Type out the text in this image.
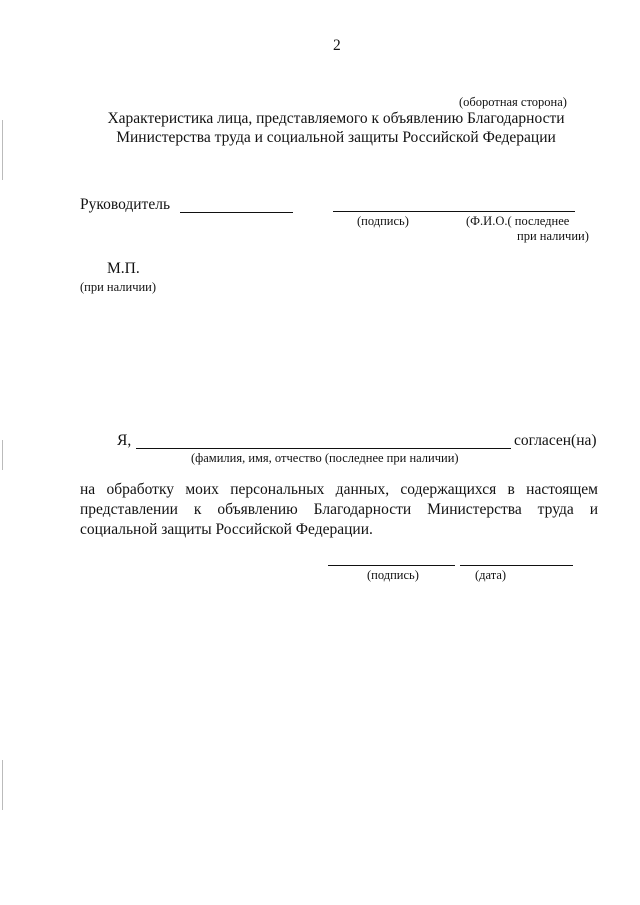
2
(оборотная сторона)
Характеристика лица, представляемого к объявлению Благодарности
Министерства труда и социальной защиты Российской Федерации
Руководитель
(подпись)	(Ф.И.О.( последнее
при наличии)
М.П.
(при наличии)
Я,	согласен(на)
(фамилия, имя, отчество (последнее при наличии)
на обработку моих персональных данных, содержащихся в настоящем представлении к объявлению Благодарности Министерства труда и социальной защиты Российской Федерации.
(подпись)	(дата)
